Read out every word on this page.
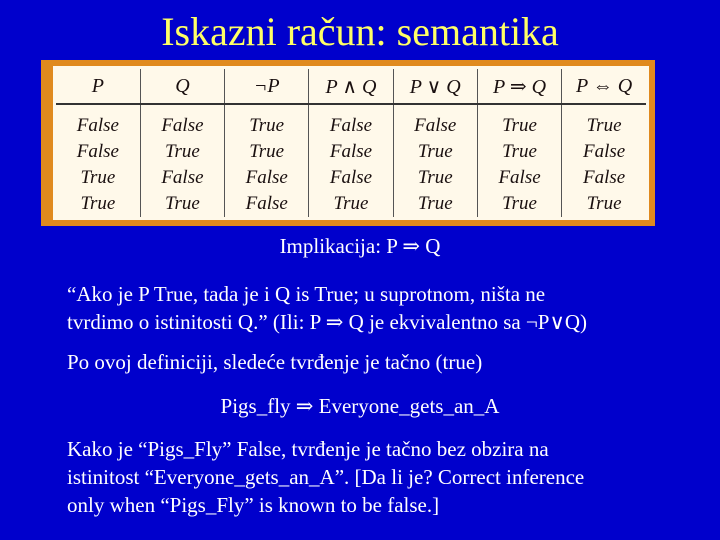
Iskazni račun: semantika
P	Q	¬P	P ∧ Q	P ∨ Q	P ⇒ Q	P ⇔ Q
False	False	True	False	False	True	True
False	True	True	False	True	True	False
True	False	False	False	True	False	False
True	True	False	True	True	True	True
Implikacija: P ⇒ Q
“Ako je P True, tada je i Q is True; u suprotnom, ništa ne
tvrdimo o istinitosti Q.” (Ili: P ⇒ Q je ekvivalentno sa ¬P∨Q)
Po ovoj definiciji, sledeće tvrđenje je tačno (true)
Pigs_fly ⇒ Everyone_gets_an_A
Kako je “Pigs_Fly” False, tvrđenje je tačno bez obzira na
istinitost “Everyone_gets_an_A”. [Da li je? Correct inference
only when “Pigs_Fly” is known to be false.]
